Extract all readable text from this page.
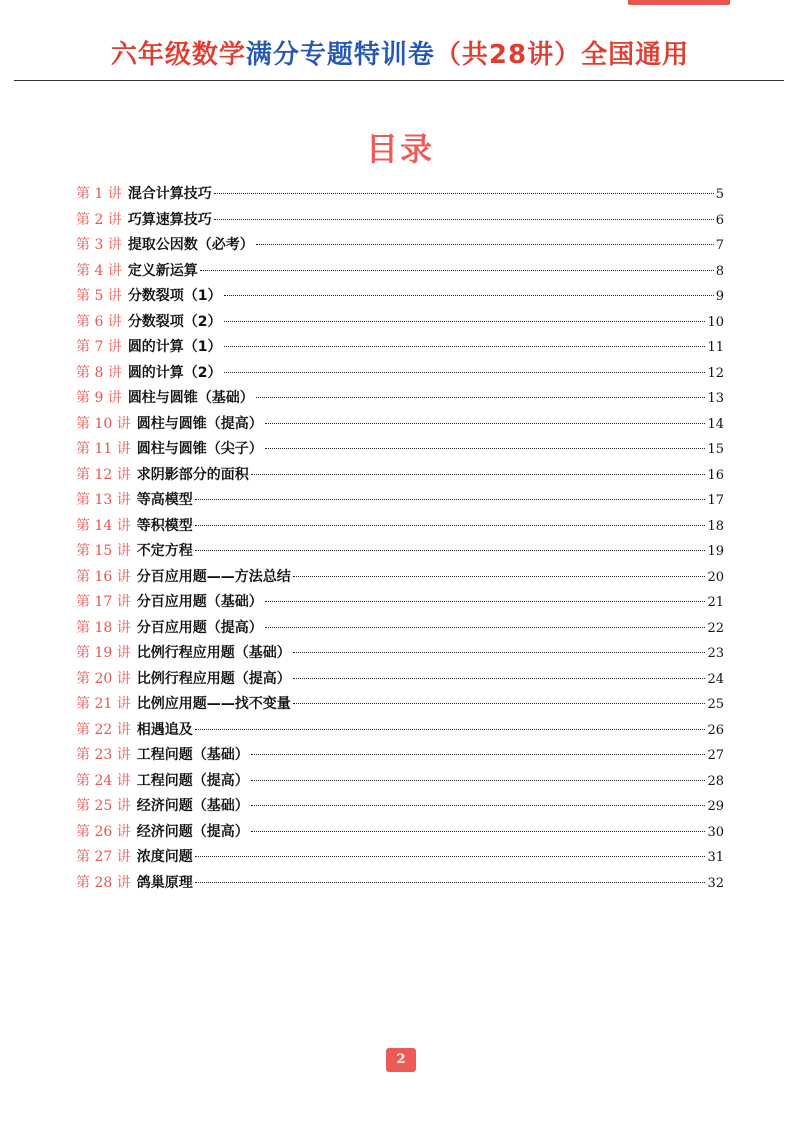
六年级数学满分专题特训卷（共28讲）全国通用
目录
第 1 讲 混合计算技巧	5
第 2 讲 巧算速算技巧	6
第 3 讲 提取公因数（必考）	7
第 4 讲 定义新运算	8
第 5 讲 分数裂项（1）	9
第 6 讲 分数裂项（2）	10
第 7 讲 圆的计算（1）	11
第 8 讲 圆的计算（2）	12
第 9 讲 圆柱与圆锥（基础）	13
第 10 讲 圆柱与圆锥（提高）	14
第 11 讲 圆柱与圆锥（尖子）	15
第 12 讲 求阴影部分的面积	16
第 13 讲 等高模型	17
第 14 讲 等积模型	18
第 15 讲 不定方程	19
第 16 讲 分百应用题——方法总结	20
第 17 讲 分百应用题（基础）	21
第 18 讲 分百应用题（提高）	22
第 19 讲 比例行程应用题（基础）	23
第 20 讲 比例行程应用题（提高）	24
第 21 讲 比例应用题——找不变量	25
第 22 讲 相遇追及	26
第 23 讲 工程问题（基础）	27
第 24 讲 工程问题（提高）	28
第 25 讲 经济问题（基础）	29
第 26 讲 经济问题（提高）	30
第 27 讲 浓度问题	31
第 28 讲 鸽巢原理	32
2
